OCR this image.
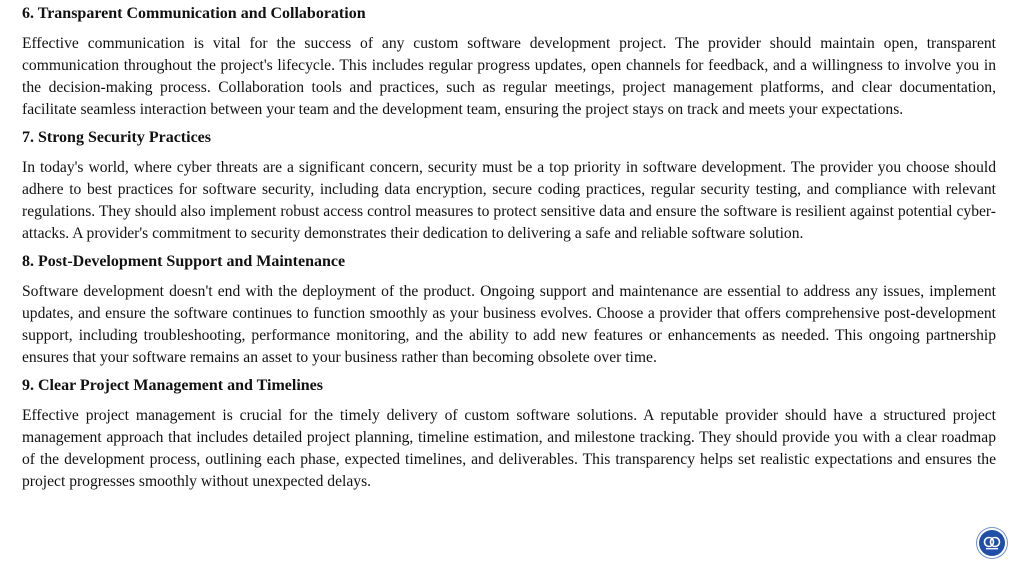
6. Transparent Communication and Collaboration

Effective communication is vital for the success of any custom software development project. The provider should maintain open, transparent communication throughout the project's lifecycle. This includes regular progress updates, open channels for feedback, and a willingness to involve you in the decision-making process. Collaboration tools and practices, such as regular meetings, project management platforms, and clear documentation, facilitate seamless interaction between your team and the development team, ensuring the project stays on track and meets your expectations.

7. Strong Security Practices

In today's world, where cyber threats are a significant concern, security must be a top priority in software development. The provider you choose should adhere to best practices for software security, including data encryption, secure coding practices, regular security testing, and compliance with relevant regulations. They should also implement robust access control measures to protect sensitive data and ensure the software is resilient against potential cyber-attacks. A provider's commitment to security demonstrates their dedication to delivering a safe and reliable software solution.

8. Post-Development Support and Maintenance

Software development doesn't end with the deployment of the product. Ongoing support and maintenance are essential to address any issues, implement updates, and ensure the software continues to function smoothly as your business evolves. Choose a provider that offers comprehensive post-development support, including troubleshooting, performance monitoring, and the ability to add new features or enhancements as needed. This ongoing partnership ensures that your software remains an asset to your business rather than becoming obsolete over time.

9. Clear Project Management and Timelines

Effective project management is crucial for the timely delivery of custom software solutions. A reputable provider should have a structured project management approach that includes detailed project planning, timeline estimation, and milestone tracking. They should provide you with a clear roadmap of the development process, outlining each phase, expected timelines, and deliverables. This transparency helps set realistic expectations and ensures the project progresses smoothly without unexpected delays.
